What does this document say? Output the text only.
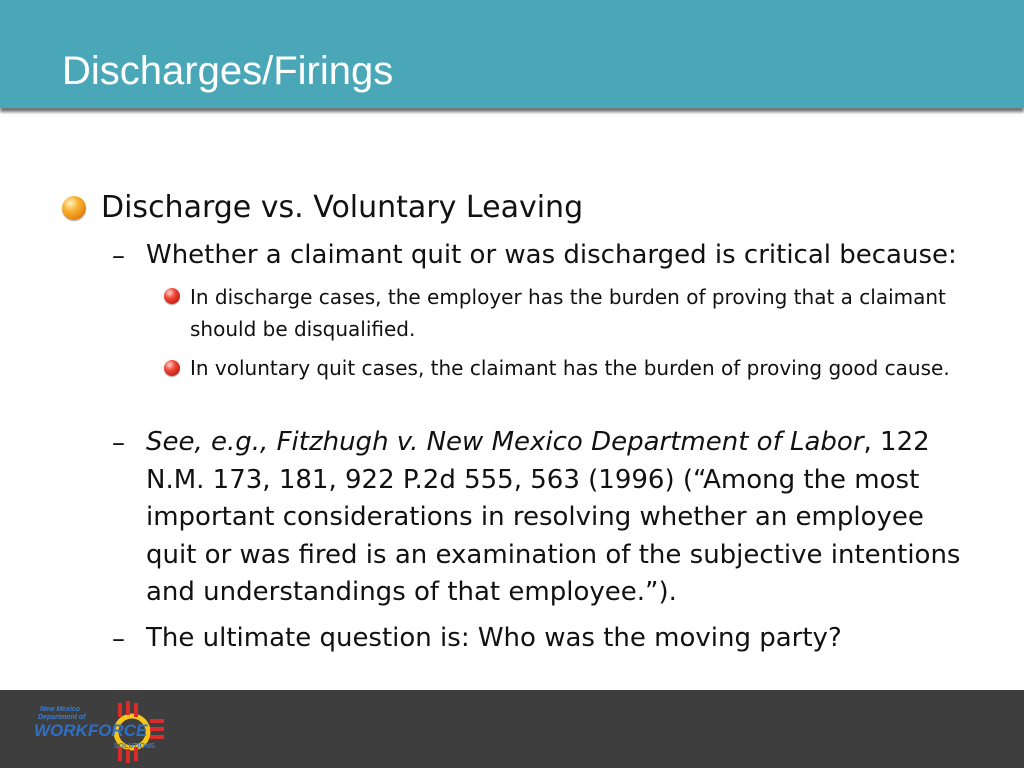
Discharges/Firings
Discharge vs. Voluntary Leaving
– Whether a claimant quit or was discharged is critical because:
In discharge cases, the employer has the burden of proving that a claimant should be disqualified.
In voluntary quit cases, the claimant has the burden of proving good cause.
– See, e.g., Fitzhugh v. New Mexico Department of Labor, 122 N.M. 173, 181, 922 P.2d 555, 563 (1996) (“Among the most important considerations in resolving whether an employee quit or was fired is an examination of the subjective intentions and understandings of that employee.”).
– The ultimate question is: Who was the moving party?
New Mexico
Department of
WORKFORCE
SOLUTIONS
